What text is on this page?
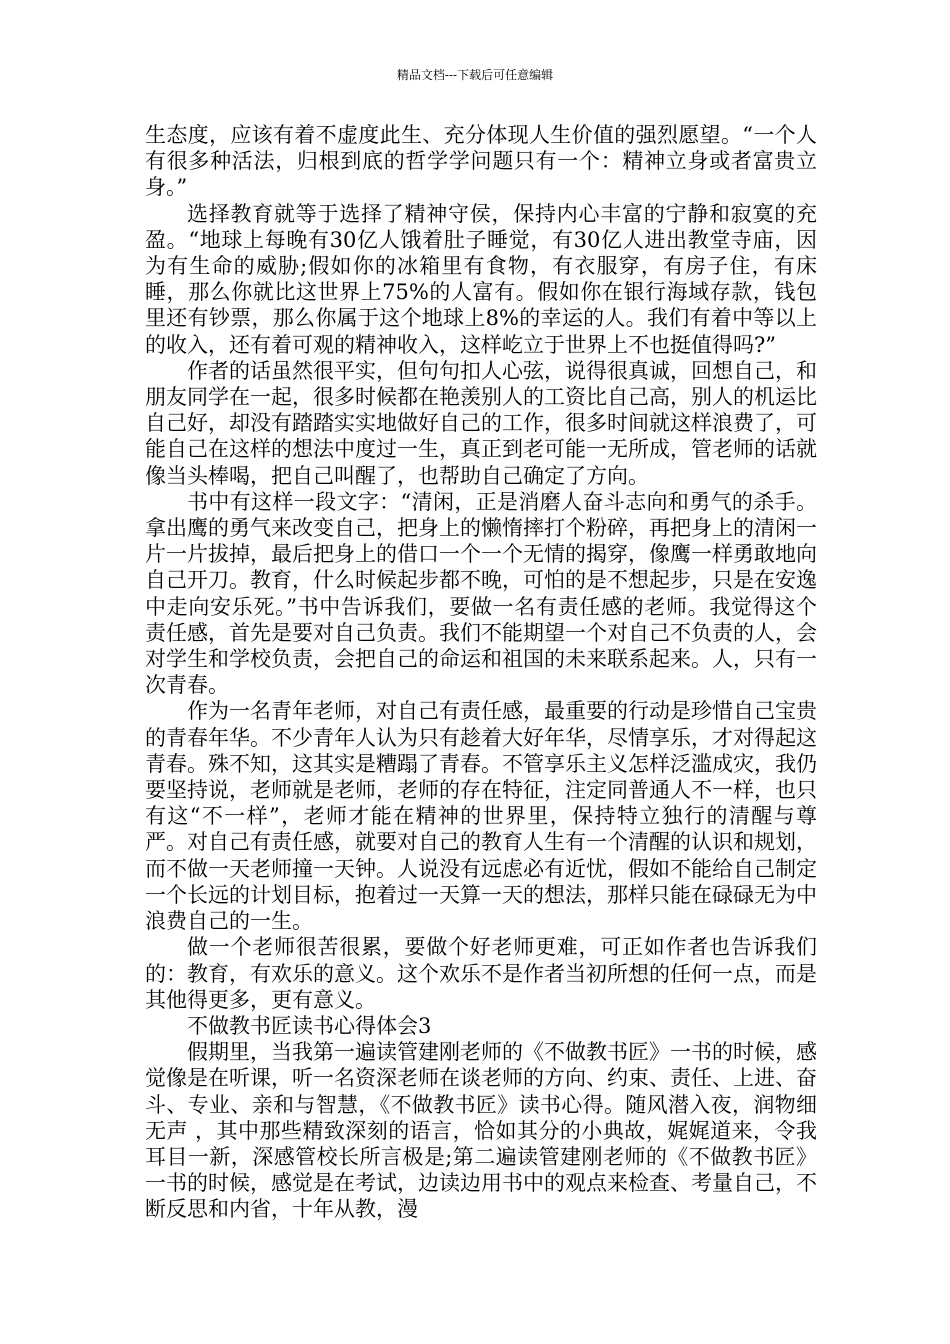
精品文档---下载后可任意编辑

生态度，应该有着不虚度此生、充分体现人生价值的强烈愿望。“一个人有很多种活法，归根到底的哲学学问题只有一个：精神立身或者富贵立身。”

选择教育就等于选择了精神守侯，保持内心丰富的宁静和寂寞的充盈。“地球上每晚有30亿人饿着肚子睡觉，有30亿人进出教堂寺庙，因为有生命的威胁;假如你的冰箱里有食物，有衣服穿，有房子住，有床睡，那么你就比这世界上75%的人富有。假如你在银行海域存款，钱包里还有钞票，那么你属于这个地球上8%的幸运的人。我们有着中等以上的收入，还有着可观的精神收入，这样屹立于世界上不也挺值得吗?”

作者的话虽然很平实，但句句扣人心弦，说得很真诚，回想自己，和朋友同学在一起，很多时候都在艳羡别人的工资比自己高，别人的机运比自己好，却没有踏踏实实地做好自己的工作，很多时间就这样浪费了，可能自己在这样的想法中度过一生，真正到老可能一无所成，管老师的话就像当头棒喝，把自己叫醒了，也帮助自己确定了方向。

书中有这样一段文字：“清闲，正是消磨人奋斗志向和勇气的杀手。拿出鹰的勇气来改变自己，把身上的懒惰摔打个粉碎，再把身上的清闲一片一片拔掉，最后把身上的借口一个一个无情的揭穿，像鹰一样勇敢地向自己开刀。教育，什么时候起步都不晚，可怕的是不想起步，只是在安逸中走向安乐死。”书中告诉我们，要做一名有责任感的老师。我觉得这个责任感，首先是要对自己负责。我们不能期望一个对自己不负责的人，会对学生和学校负责，会把自己的命运和祖国的未来联系起来。人，只有一次青春。

作为一名青年老师，对自己有责任感，最重要的行动是珍惜自己宝贵的青春年华。不少青年人认为只有趁着大好年华，尽情享乐，才对得起这青春。殊不知，这其实是糟蹋了青春。不管享乐主义怎样泛滥成灾，我仍要坚持说，老师就是老师，老师的存在特征，注定同普通人不一样，也只有这“不一样”，老师才能在精神的世界里，保持特立独行的清醒与尊严。对自己有责任感，就要对自己的教育人生有一个清醒的认识和规划，而不做一天老师撞一天钟。人说没有远虑必有近忧，假如不能给自己制定一个长远的计划目标，抱着过一天算一天的想法，那样只能在碌碌无为中浪费自己的一生。

做一个老师很苦很累，要做个好老师更难，可正如作者也告诉我们的：教育，有欢乐的意义。这个欢乐不是作者当初所想的任何一点，而是其他得更多，更有意义。

不做教书匠读书心得体会3

假期里，当我第一遍读管建刚老师的《不做教书匠》一书的时候，感觉像是在听课，听一名资深老师在谈老师的方向、约束、责任、上进、奋斗、专业、亲和与智慧，《不做教书匠》读书心得。随风潜入夜，润物细无声 ，其中那些精致深刻的语言，恰如其分的小典故，娓娓道来，令我耳目一新，深感管校长所言极是;第二遍读管建刚老师的《不做教书匠》一书的时候，感觉是在考试，边读边用书中的观点来检查、考量自己，不断反思和内省，十年从教，漫
